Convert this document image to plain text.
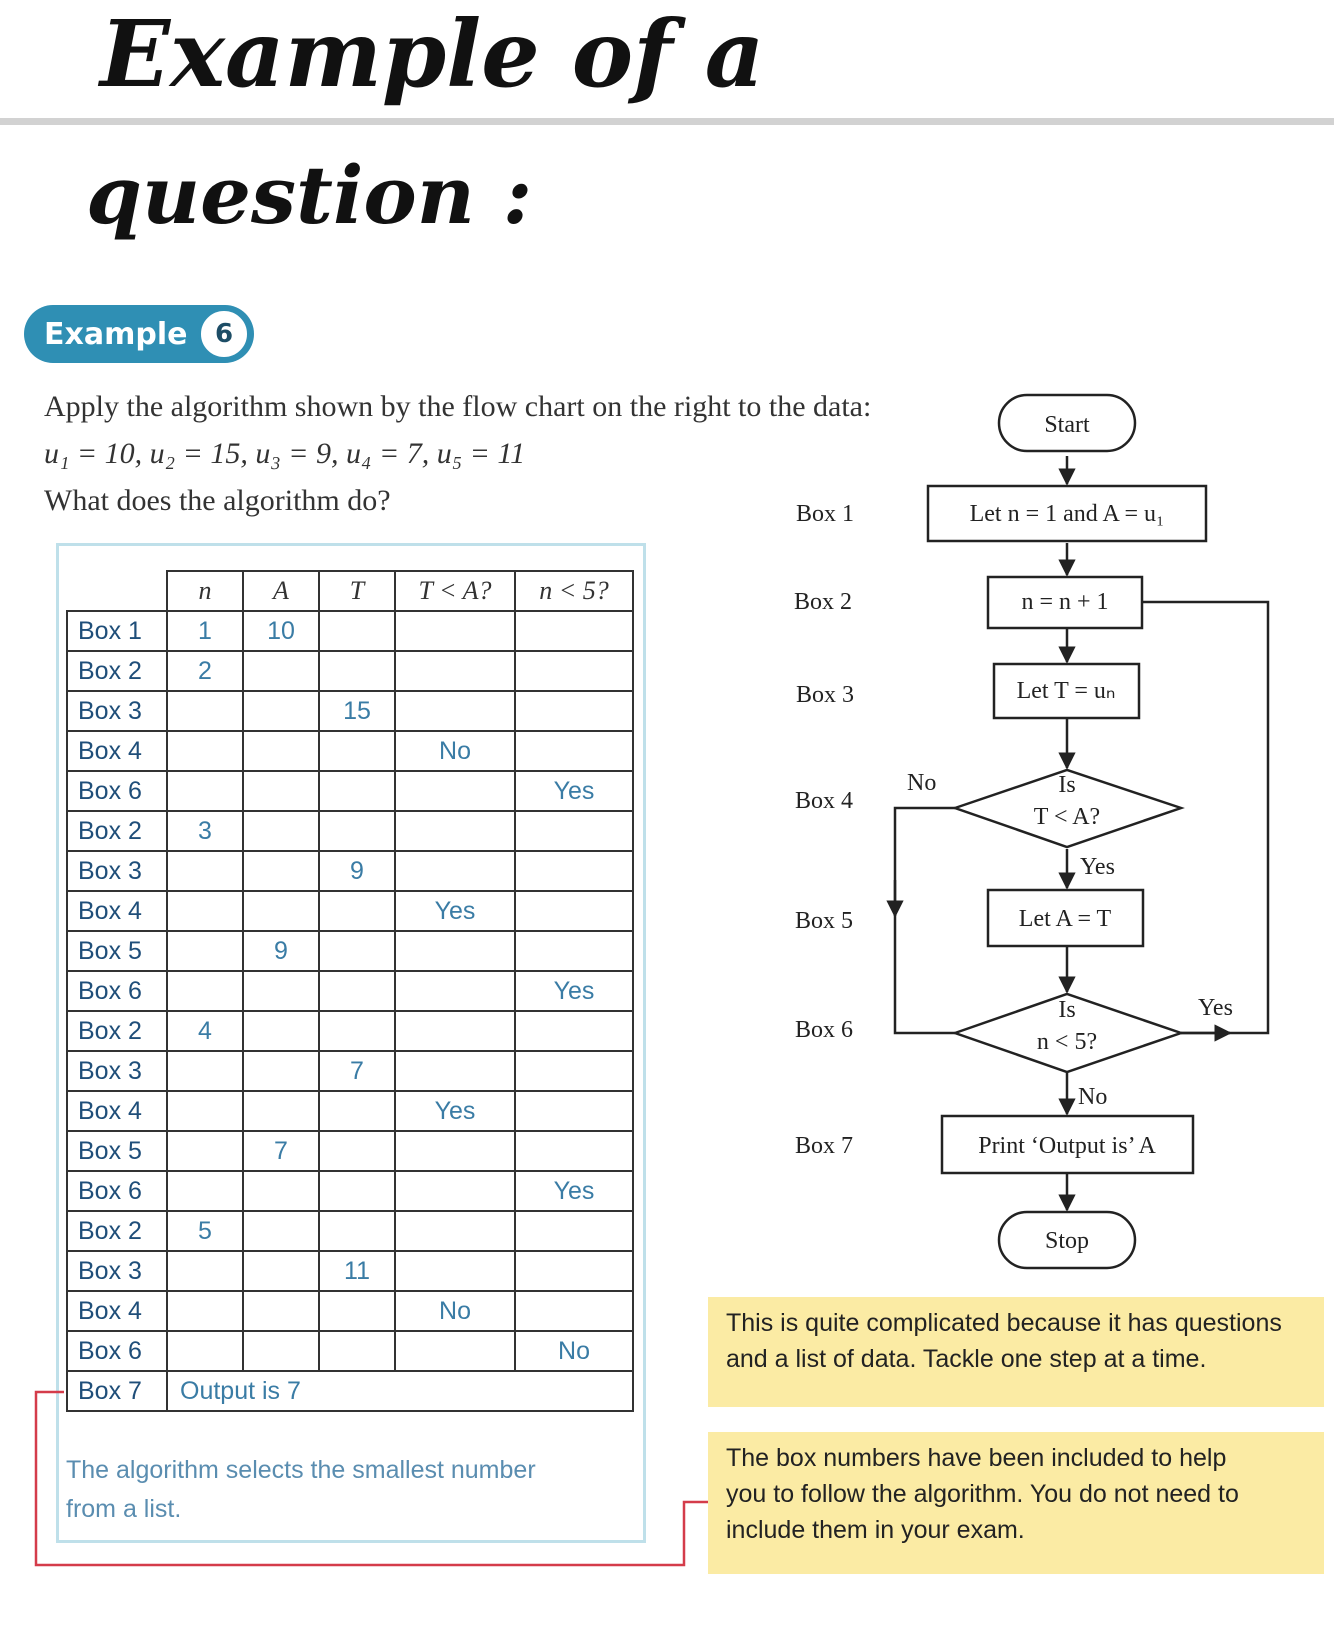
Example of a
question :
Example	6
Apply the algorithm shown by the flow chart on the right to the data:
u₁ = 10, u₂ = 15, u₃ = 9, u₄ = 7, u₅ = 11
What does the algorithm do?
	n	A	T	T < A?	n < 5?
Box 1	1	10			
Box 2	2				
Box 3			15		
Box 4				No	
Box 6					Yes
Box 2	3				
Box 3			9		
Box 4				Yes	
Box 5		9			
Box 6					Yes
Box 2	4				
Box 3			7		
Box 4				Yes	
Box 5		7			
Box 6					Yes
Box 2	5				
Box 3			11		
Box 4				No	
Box 6					No
Box 7	Output is 7				
The algorithm selects the smallest number
from a list.
Start
Let n = 1 and A = u₁
n = n + 1
Let T = uₙ
Is
T < A?
Let A = T
Is
n < 5?
Print ‘Output is’ A
Stop
No
Yes
Yes
No
Box 1
Box 2
Box 3
Box 4
Box 5
Box 6
Box 7
This is quite complicated because it has questions
and a list of data. Tackle one step at a time.
The box numbers have been included to help
you to follow the algorithm. You do not need to
include them in your exam.
